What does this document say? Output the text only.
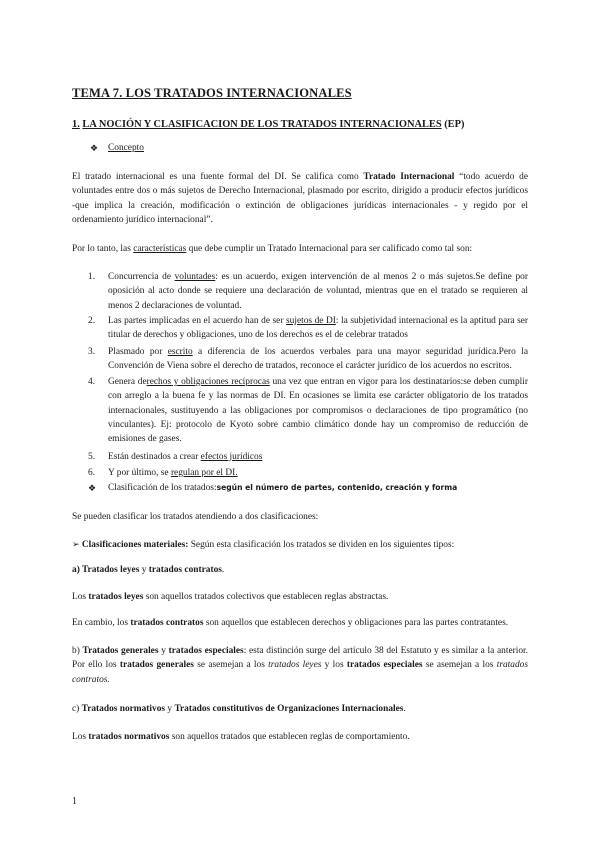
TEMA 7. LOS TRATADOS INTERNACIONALES
1. LA NOCIÓN Y CLASIFICACION DE LOS TRATADOS INTERNACIONALES (EP)
❖	Concepto
El tratado internacional es una fuente formal del DI. Se califica como Tratado Internacional “todo acuerdo de
voluntades entre dos o más sujetos de Derecho Internacional, plasmado por escrito, dirigido a producir efectos jurídicos
-que implica la creación, modificación o extinción de obligaciones jurídicas internacionales - y regido por el
ordenamiento jurídico internacional”.
Por lo tanto, las características que debe cumplir un Tratado Internacional para ser calificado como tal son:
1.	Concurrencia de voluntades: es un acuerdo, exigen intervención de al menos 2 o más sujetos.Se define por
oposición al acto donde se requiere una declaración de voluntad, mientras que en el tratado se requieren al
menos 2 declaraciones de voluntad.
2.	Las partes implicadas en el acuerdo han de ser sujetos de DI: la subjetividad internacional es la aptitud para ser
titular de derechos y obligaciones, uno de los derechos es el de celebrar tratados
3.	Plasmado por escrito a diferencia de los acuerdos verbales para una mayor seguridad jurídica.Pero la
Convención de Viena sobre el derecho de tratados, reconoce el carácter jurídico de los acuerdos no escritos.
4.	Genera derechos y obligaciones recíprocas una vez que entran en vigor para los destinatarios:se deben cumplir
con arreglo a la buena fe y las normas de DI. En ocasiones se limita ese carácter obligatorio de los tratados
internacionales, sustituyendo a las obligaciones por compromisos o declaraciones de tipo programático (no
vinculantes). Ej: protocolo de Kyoto sobre cambio climático donde hay un compromiso de reducción de
emisiones de gases.
5.	Están destinados a crear efectos jurídicos
6.	Y por último, se regulan por el DI.
❖	Clasificación de los tratados:según el número de partes, contenido, creación y forma
Se pueden clasificar los tratados atendiendo a dos clasificaciones:
➢ Clasificaciones materiales: Según esta clasificación los tratados se dividen en los siguientes tipos:
a) Tratados leyes y tratados contratos.
Los tratados leyes son aquellos tratados colectivos que establecen reglas abstractas.
En cambio, los tratados contratos son aquellos que establecen derechos y obligaciones para las partes contratantes.
b) Tratados generales y tratados especiales: esta distinción surge del artículo 38 del Estatuto y es similar a la anterior.
Por ello los tratados generales se asemejan a los tratados leyes y los tratados especiales se asemejan a los tratados
contratos.
c) Tratados normativos y Tratados constitutivos de Organizaciones Internacionales.
Los tratados normativos son aquellos tratados que establecen reglas de comportamiento.
1
